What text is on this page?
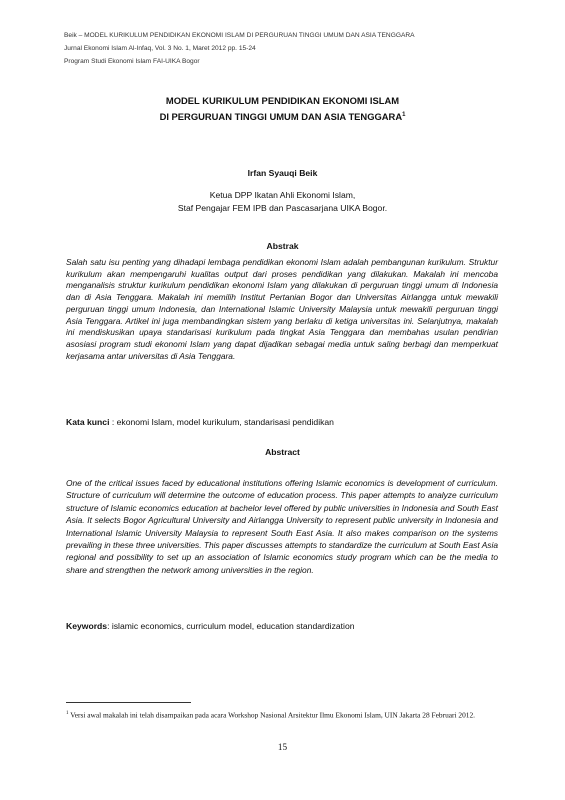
Beik – MODEL KURIKULUM PENDIDIKAN EKONOMI ISLAM DI PERGURUAN TINGGI UMUM DAN ASIA TENGGARA
Jurnal Ekonomi Islam Al-Infaq, Vol. 3 No. 1, Maret 2012 pp. 15-24
Program Studi Ekonomi Islam FAI-UIKA Bogor
MODEL KURIKULUM PENDIDIKAN EKONOMI ISLAM
DI PERGURUAN TINGGI UMUM DAN ASIA TENGGARA$^1$
Irfan Syauqi Beik
Ketua DPP Ikatan Ahli Ekonomi Islam,
Staf Pengajar FEM IPB dan Pascasarjana UIKA Bogor.
Abstrak
Salah satu isu penting yang dihadapi lembaga pendidikan ekonomi Islam adalah pembangunan kurikulum. Struktur kurikulum akan mempengaruhi kualitas output dari proses pendidikan yang dilakukan. Makalah ini mencoba menganalisis struktur kurikulum pendidikan ekonomi Islam yang dilakukan di perguruan tinggi umum di Indonesia dan di Asia Tenggara. Makalah ini memilih Institut Pertanian Bogor dan Universitas Airlangga untuk mewakili perguruan tinggi umum Indonesia, dan International Islamic University Malaysia untuk mewakili perguruan tinggi Asia Tenggara. Artikel ini juga membandingkan sistem yang berlaku di ketiga universitas ini. Selanjutnya, makalah ini mendiskusikan upaya standarisasi kurikulum pada tingkat Asia Tenggara dan membahas usulan pendirian asosiasi program studi ekonomi Islam yang dapat dijadikan sebagai media untuk saling berbagi dan memperkuat kerjasama antar universitas di Asia Tenggara.
Kata kunci : ekonomi Islam, model kurikulum, standarisasi pendidikan
Abstract
One of the critical issues faced by educational institutions offering Islamic economics is development of curriculum. Structure of curriculum will determine the outcome of education process. This paper attempts to analyze curriculum structure of Islamic economics education at bachelor level offered by public universities in Indonesia and South East Asia. It selects Bogor Agricultural University and Airlangga University to represent public university in Indonesia and International Islamic University Malaysia to represent South East Asia. It also makes comparison on the systems prevailing in these three universities. This paper discusses attempts to standardize the curriculum at South East Asia regional and possibility to set up an association of Islamic economics study program which can be the media to share and strengthen the network among universities in the region.
Keywords: islamic economics, curriculum model, education standardization
$^1$ Versi awal makalah ini telah disampaikan pada acara Workshop Nasional Arsitektur Ilmu Ekonomi Islam, UIN Jakarta 28 Februari 2012.
15
